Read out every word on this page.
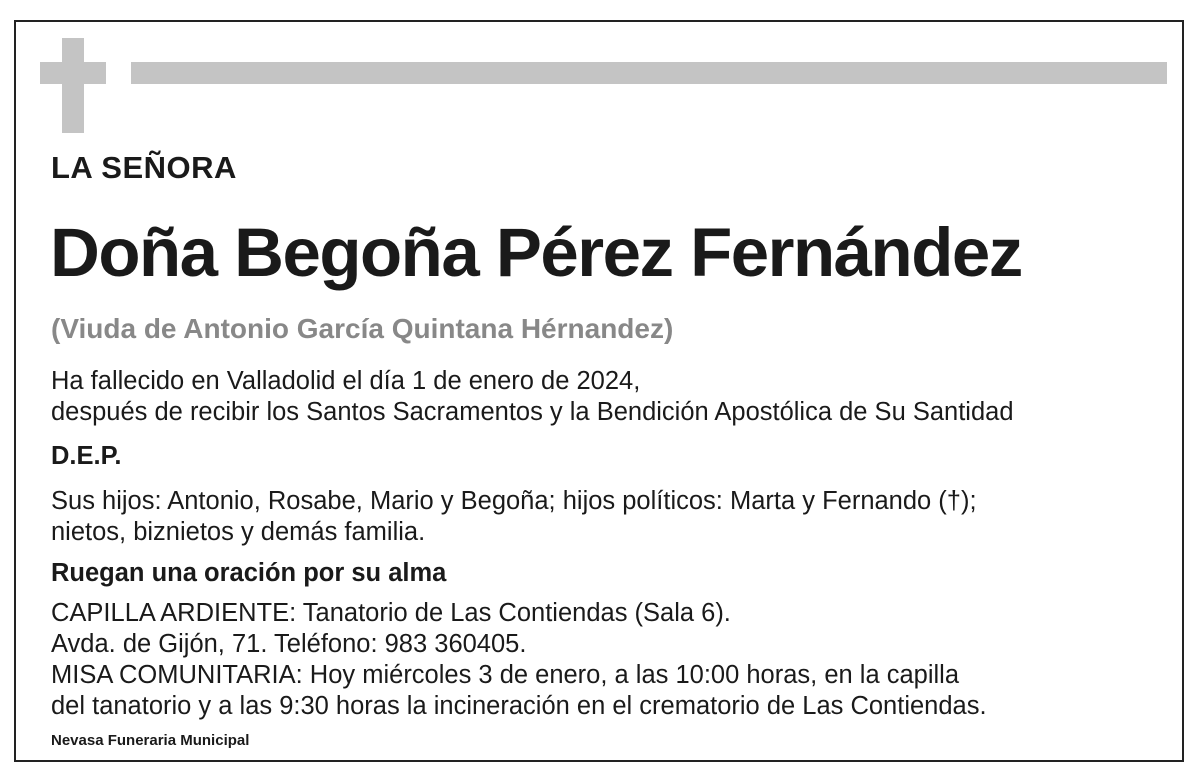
LA SEÑORA
Doña Begoña Pérez Fernández
(Viuda de Antonio García Quintana Hérnandez)
Ha fallecido en Valladolid el día 1 de enero de 2024,
después de recibir los Santos Sacramentos y la Bendición Apostólica de Su Santidad
D.E.P.
Sus hijos: Antonio, Rosabe, Mario y Begoña; hijos políticos: Marta y Fernando (†);
nietos, biznietos y demás familia.
Ruegan una oración por su alma
CAPILLA ARDIENTE: Tanatorio de Las Contiendas (Sala 6).
Avda. de Gijón, 71. Teléfono: 983 360405.
MISA COMUNITARIA: Hoy miércoles 3 de enero, a las 10:00 horas, en la capilla
del tanatorio y a las 9:30 horas la incineración en el crematorio de Las Contiendas.
Nevasa Funeraria Municipal
